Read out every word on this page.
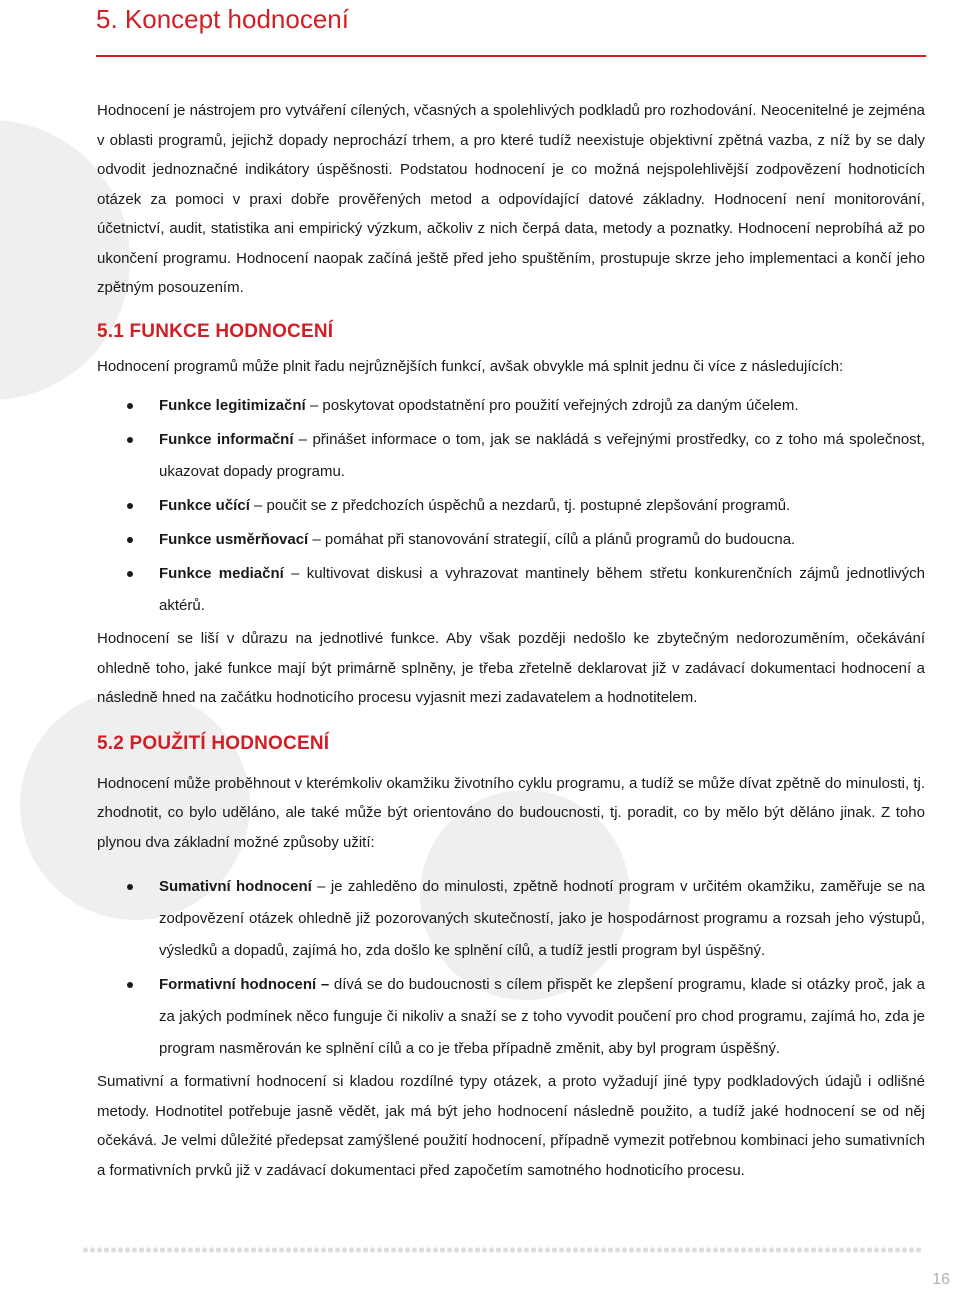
5. Koncept hodnocení

Hodnocení je nástrojem pro vytváření cílených, včasných a spolehlivých podkladů pro rozhodování. Neocenitelné je zejména v oblasti programů, jejichž dopady neprochází trhem, a pro které tudíž neexistuje objektivní zpětná vazba, z níž by se daly odvodit jednoznačné indikátory úspěšnosti. Podstatou hodnocení je co možná nejspolehlivější zodpovězení hodnoticích otázek za pomoci v praxi dobře prověřených metod a odpovídající datové základny. Hodnocení není monitorování, účetnictví, audit, statistika ani empirický výzkum, ačkoliv z nich čerpá data, metody a poznatky. Hodnocení neprobíhá až po ukončení programu. Hodnocení naopak začíná ještě před jeho spuštěním, prostupuje skrze jeho implementaci a končí jeho zpětným posouzením.

5.1 FUNKCE HODNOCENÍ

Hodnocení programů může plnit řadu nejrůznějších funkcí, avšak obvykle má splnit jednu či více z následujících:

Funkce legitimizační – poskytovat opodstatnění pro použití veřejných zdrojů za daným účelem.
Funkce informační – přinášet informace o tom, jak se nakládá s veřejnými prostředky, co z toho má společnost, ukazovat dopady programu.
Funkce učící – poučit se z předchozích úspěchů a nezdarů, tj. postupné zlepšování programů.
Funkce usměrňovací – pomáhat při stanovování strategií, cílů a plánů programů do budoucna.
Funkce mediační – kultivovat diskusi a vyhrazovat mantinely během střetu konkurenčních zájmů jednotlivých aktérů.

Hodnocení se liší v důrazu na jednotlivé funkce. Aby však později nedošlo ke zbytečným nedorozuměním, očekávání ohledně toho, jaké funkce mají být primárně splněny, je třeba zřetelně deklarovat již v zadávací dokumentaci hodnocení a následně hned na začátku hodnoticího procesu vyjasnit mezi zadavatelem a hodnotitelem.

5.2 POUŽITÍ HODNOCENÍ

Hodnocení může proběhnout v kterémkoliv okamžiku životního cyklu programu, a tudíž se může dívat zpětně do minulosti, tj. zhodnotit, co bylo uděláno, ale také může být orientováno do budoucnosti, tj. poradit, co by mělo být děláno jinak. Z toho plynou dva základní možné způsoby užití:

Sumativní hodnocení – je zahleděno do minulosti, zpětně hodnotí program v určitém okamžiku, zaměřuje se na zodpovězení otázek ohledně již pozorovaných skutečností, jako je hospodárnost programu a rozsah jeho výstupů, výsledků a dopadů, zajímá ho, zda došlo ke splnění cílů, a tudíž jestli program byl úspěšný.
Formativní hodnocení – dívá se do budoucnosti s cílem přispět ke zlepšení programu, klade si otázky proč, jak a za jakých podmínek něco funguje či nikoliv a snaží se z toho vyvodit poučení pro chod programu, zajímá ho, zda je program nasměrován ke splnění cílů a co je třeba případně změnit, aby byl program úspěšný.

Sumativní a formativní hodnocení si kladou rozdílné typy otázek, a proto vyžadují jiné typy podkladových údajů i odlišné metody. Hodnotitel potřebuje jasně vědět, jak má být jeho hodnocení následně použito, a tudíž jaké hodnocení se od něj očekává. Je velmi důležité předepsat zamýšlené použití hodnocení, případně vymezit potřebnou kombinaci jeho sumativních a formativních prvků již v zadávací dokumentaci před započetím samotného hodnoticího procesu.

16
